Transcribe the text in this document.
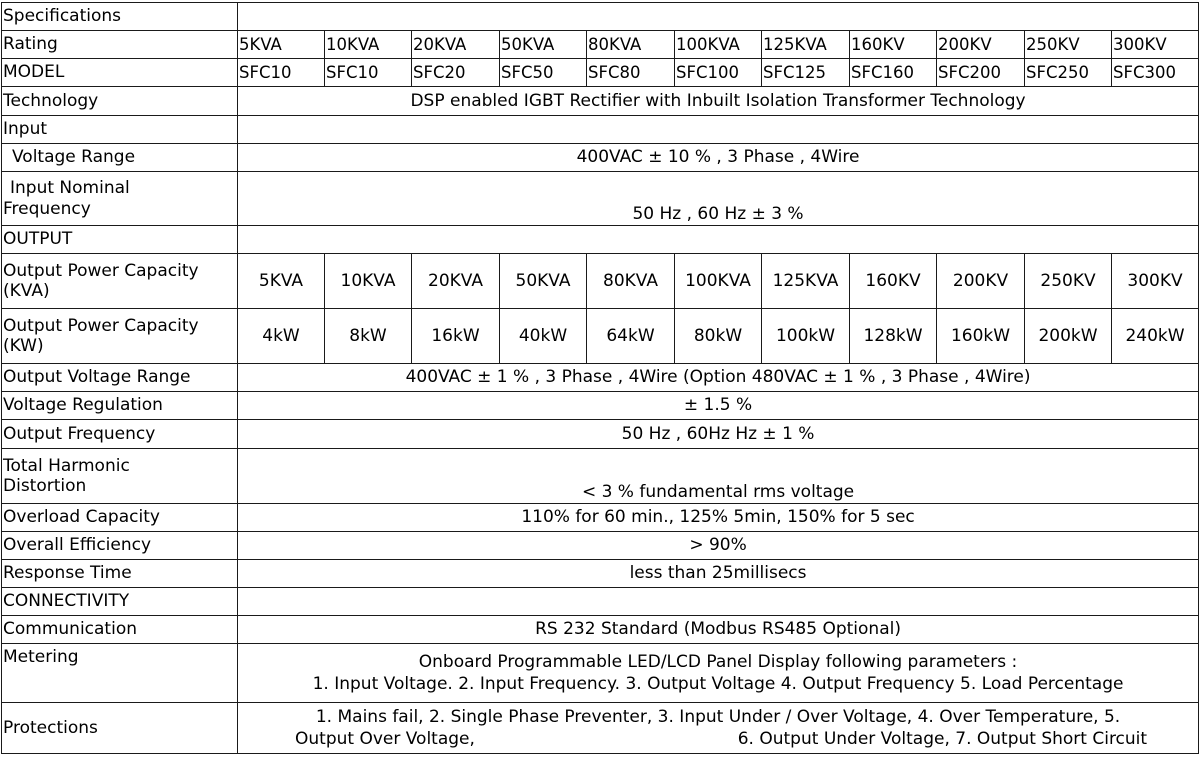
Specifications											
Rating	5KVA	10KVA	20KVA	50KVA	80KVA	100KVA	125KVA	160KV	200KV	250KV	300KV
MODEL	SFC10	SFC10	SFC20	SFC50	SFC80	SFC100	SFC125	SFC160	SFC200	SFC250	SFC300
Technology	DSP enabled IGBT Rectifier with Inbuilt Isolation Transformer Technology										
Input											
Voltage Range	400VAC ± 10 % , 3 Phase , 4Wire										

Input Nominal
Frequency	50 Hz , 60 Hz ± 3 %										
OUTPUT											

Output Power Capacity
(KVA)	5KVA	10KVA	20KVA	50KVA	80KVA	100KVA	125KVA	160KV	200KV	250KV	300KV

Output Power Capacity
(KW)	4kW	8kW	16kW	40kW	64kW	80kW	100kW	128kW	160kW	200kW	240kW
Output Voltage Range	400VAC ± 1 % , 3 Phase , 4Wire (Option 480VAC ± 1 % , 3 Phase , 4Wire)										
Voltage Regulation	± 1.5 %										
Output Frequency	50 Hz , 60Hz Hz ± 1 %										

Total Harmonic
Distortion	< 3 % fundamental rms voltage										
Overload Capacity	110% for 60 min., 125% 5min, 150% for 5 sec										
Overall Efficiency	> 90%										
Response Time	less than 25millisecs										
CONNECTIVITY											
Communication	RS 232 Standard (Modbus RS485 Optional)										
Metering	Onboard Programmable LED/LCD Panel Display following parameters :
1. Input Voltage. 2. Input Frequency. 3. Output Voltage 4. Output Frequency 5. Load Percentage										

Protections	1. Mains fail, 2. Single Phase Preventer, 3. Input Under / Over Voltage, 4. Over Temperature, 5.
Output Over Voltage, 6. Output Under Voltage, 7. Output Short Circuit										
